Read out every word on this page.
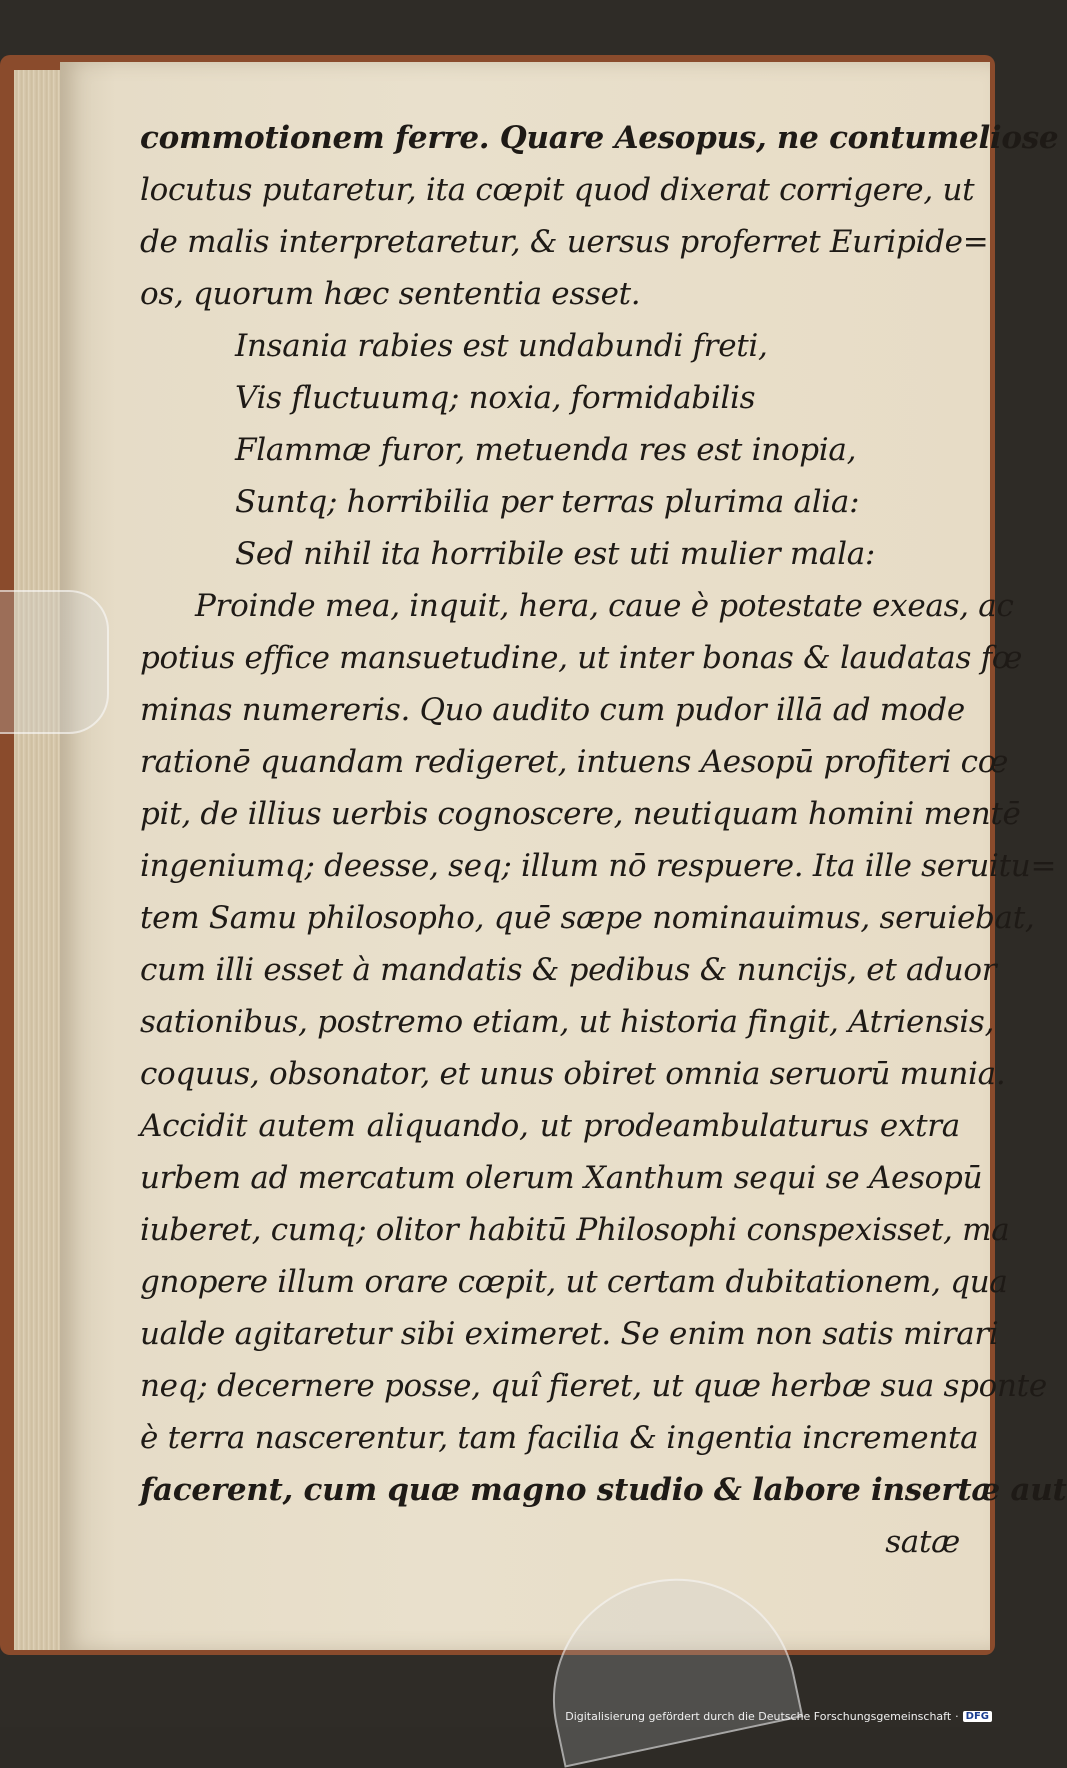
commotionem ferre. Quare Aesopus, ne contumeliose
locutus putaretur, ita cœpit quod dixerat corrigere, ut
de malis interpretaretur, & uersus proferret Euripide=
os, quorum hæc sententia esset.
Insania rabies est undabundi freti,
Vis fluctuumq; noxia, formidabilis
Flammæ furor, metuenda res est inopia,
Suntq; horribilia per terras plurima alia:
Sed nihil ita horribile est uti mulier mala:
Proinde mea, inquit, hera, caue è potestate exeas, ac
potius effice mansuetudine, ut inter bonas & laudatas fœ
minas numereris. Quo audito cum pudor illā ad mode
rationē quandam redigeret, intuens Aesopū profiteri cœ
pit, de illius uerbis cognoscere, neutiquam homini mentē
ingeniumq; deesse, seq; illum nō respuere. Ita ille seruitu=
tem Samu philosopho, quē sæpe nominauimus, seruiebat,
cum illi esset à mandatis & pedibus & nuncijs, et aduor
sationibus, postremo etiam, ut historia fingit, Atriensis,
coquus, obsonator, et unus obiret omnia seruorū munia.
Accidit autem aliquando, ut prodeambulaturus extra
urbem ad mercatum olerum Xanthum sequi se Aesopū
iuberet, cumq; olitor habitū Philosophi conspexisset, ma
gnopere illum orare cœpit, ut certam dubitationem, qua
ualde agitaretur sibi eximeret. Se enim non satis mirari
neq; decernere posse, quî fieret, ut quæ herbæ sua sponte
è terra nascerentur, tam facilia & ingentia incrementa
facerent, cum quæ magno studio & labore insertæ aut
satæ
Digitalisierung gefördert durch die Deutsche Forschungsgemeinschaft · DFG
